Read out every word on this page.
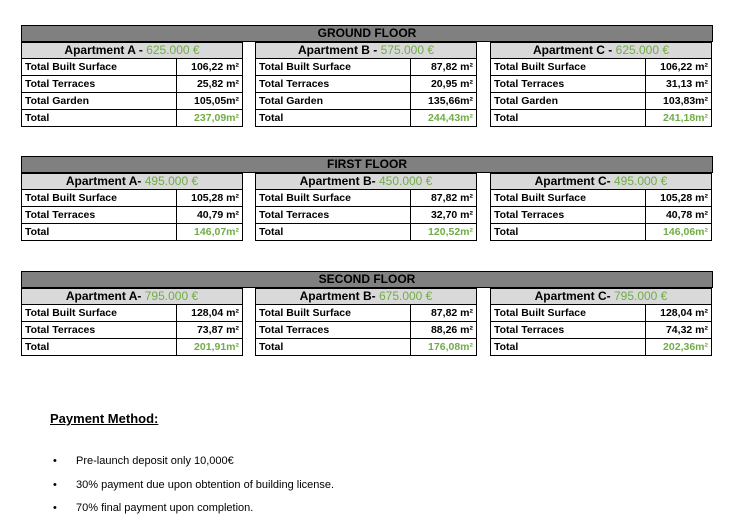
GROUND FLOOR
Apartment A - 625.000 €
Total Built Surface	106,22 m²
Total Terraces	25,82 m²
Total Garden	105,05m²
Total	237,09m²
Apartment B - 575.000 €
Total Built Surface	87,82 m²
Total Terraces	20,95 m²
Total Garden	135,66m²
Total	244,43m²
Apartment C - 625.000 €
Total Built Surface	106,22 m²
Total Terraces	31,13 m²
Total Garden	103,83m²
Total	241,18m²
FIRST FLOOR
Apartment A- 495.000 €
Total Built Surface	105,28 m²
Total Terraces	40,79 m²
Total	146,07m²
Apartment B- 450.000 €
Total Built Surface	87,82 m²
Total Terraces	32,70 m²
Total	120,52m²
Apartment C- 495.000 €
Total Built Surface	105,28 m²
Total Terraces	40,78 m²
Total	146,06m²
SECOND FLOOR
Apartment A- 795.000 €
Total Built Surface	128,04 m²
Total Terraces	73,87 m²
Total	201,91m²
Apartment B- 675.000 €
Total Built Surface	87,82 m²
Total Terraces	88,26 m²
Total	176,08m²
Apartment C- 795.000 €
Total Built Surface	128,04 m²
Total Terraces	74,32 m²
Total	202,36m²
Payment Method:
• Pre-launch deposit only 10,000€
• 30% payment due upon obtention of building license.
• 70% final payment upon completion.
